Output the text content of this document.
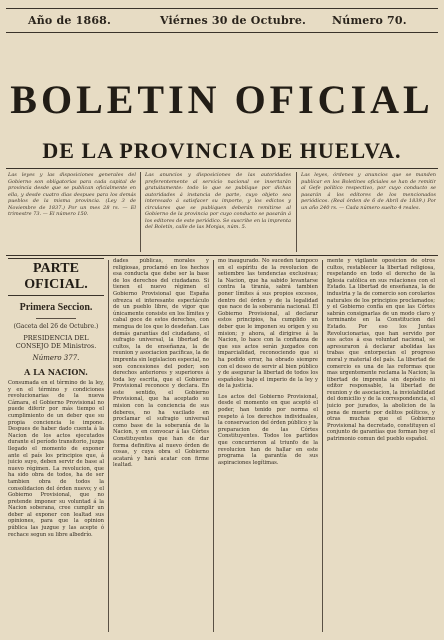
Año de 1868.	Viérnes 30 de Octubre. Número 70.
BOLETIN OFICIAL
DE LA PROVINCIA DE HUELVA.
Las leyes y las disposiciones generales del Gobierno son obligatorias para cada capital de provincia desde que se publican oficialmente en ella, y desde cuatro dias despues para los demás pueblos de la misma provincia. (Ley 3 de Noviembre de 1837.) Por un mes 28 rs. — El trimestre 73. — El número 150.
Las anuncios y disposiciones de las autoridades preferentemente al servicio nacional se insertarán gratuitamente: todo lo que se publique por dichas autoridades á instancia de parte, cuyo objeto sea interesado á satisfacer su importe, y los edictos y circulares que se publiquen deberán remitirse al Gobierno de la provincia por cuyo conducto se pasarán á los editores de este periódico. Se suscribe en la imprenta del Boletín, calle de las Monjas, núm. 5.
Las leyes, órdenes y anuncios que se manden publicar en los Boletines oficiales se han de remitir al Gefe político respectivo, por cuyo conducto se pasarán á los editores de los mencionados periódicos. (Real órden de 6 de Abril de 1839.) Por un año 240 rs. — Cada número suelto 4 reales.
PARTE OFICIAL.
Primera Seccion.
(Gaceta del 26 de Octubre.)
PRESIDENCIA DEL CONSEJO DE Ministros.
Número 377.
A LA NACION.
Consumada en el término de la ley, y en el término y condiciones revolucionarias de la nueva Cámara, el Gobierno Provisional no puede diferir por más tiempo el cumplimiento de un deber que su propia conciencia le impone. Despues de haber dado cuenta á la Nacion de los actos ejecutados durante el período transitorio, juzga llegado el momento de exponer ante el país los principios que, á juicio suyo, deben servir de base al nuevo régimen. La revolucion, que ha sido obra de todos, ha de ser tambien obra de todos la consolidacion del órden nuevo; y el Gobierno Provisional, que no pretende imponer su voluntad á la Nacion soberana, cree cumplir un deber al exponer con lealtad sus opiniones, para que la opinion pública las juzgue y las acepte ó rechace segun su libre albedrío.
dades públicas, morales y religiosas, proclamó en los hechos esa conducta que debe ser la base de los derechos del ciudadano. Si tienen el nuevo régimen el Gobierno Provisional que España ofrezca el interesante espectáculo de un pueblo libre, de vigor que únicamente consiste en los límites y cabal goce de estos derechos, con mengua de los que lo desdeñan. Las demás garantías del ciudadano, el sufragio universal, la libertad de cultos, la de enseñanza, la de reunion y asociacion pacíficas, la de imprenta sin legislacion especial, no son concesiones del poder; son derechos anteriores y superiores á toda ley escrita, que el Gobierno Provisional reconoce y declara. En este sentido, el Gobierno Provisional, que ha aceptado su mision con la conciencia de sus deberes, no ha vacilado en proclamar el sufragio universal como base de la soberanía de la Nacion, y en convocar á las Córtes Constituyentes que han de dar forma definitiva al nuevo órden de cosas, y cuya obra el Gobierno acatará y hará acatar con firme lealtad.
mo inaugurado. No suceden tampoco en el espíritu de la revolucion de setiembre las tendencias exclusivas; la Nacion, que ha sabido levantarse contra la tiranía, sabrá tambien poner límites á sus propios excesos, dentro del órden y de la legalidad que nace de la soberanía nacional. El Gobierno Provisional, al declarar estos principios, ha cumplido un deber que le imponen su origen y su mision; y ahora, al dirigirse á la Nacion, lo hace con la confianza de que sus actos serán juzgados con imparcialidad, reconociendo que si ha podido errar, ha obrado siempre con el deseo de servir al bien público y de asegurar la libertad de todos los españoles bajo el imperio de la ley y de la justicia.
Los actos del Gobierno Provisional, desde el momento en que aceptó el poder, han tenido por norma el respeto á los derechos individuales, la conservacion del órden público y la preparacion de las Córtes Constituyentes. Todos los partidos que concurrieron al triunfo de la revolucion han de hallar en este programa la garantía de sus aspiraciones legítimas.
mente y vigilante oposicion de otros cultos, restablecer la libertad religiosa, respetando en todo el derecho de la Iglesia católica en sus relaciones con el Estado. La libertad de enseñanza, la de industria y la de comercio son corolarios naturales de los principios proclamados; y el Gobierno confía en que las Córtes sabrán consignarlas de un modo claro y terminante en la Constitucion del Estado. Por eso los Juntas Revolucionarias, que han servido por sus actos á esa voluntad nacional, se apresuraron á declarar abolidas las trabas que entorpecian el progreso moral y material del país. La libertad de comercio es una de las reformas que mas urgentemente reclama la Nacion; la libertad de imprenta sin depósito ni editor responsable, la libertad de reunion y de asociacion, la inviolabilidad del domicilio y de la correspondencia, el juicio por jurados, la abolicion de la pena de muerte por delitos políticos, y otras muchas que el Gobierno Provisional ha decretado, constituyen el conjunto de garantías que forman hoy el patrimonio comun del pueblo español.
